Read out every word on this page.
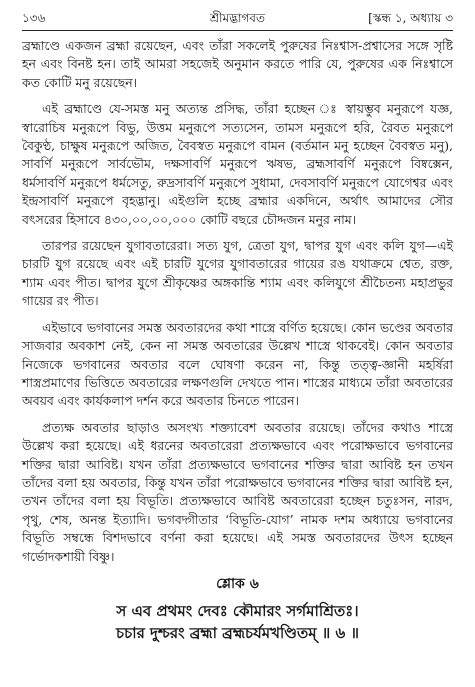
১৩৬	শ্রীমদ্ভাগবত	[স্কন্ধ ১, অধ্যায় ৩

ব্রহ্মাণ্ডে একজন ব্রহ্মা রয়েছেন, এবং তাঁরা সকলেই পুরুষের নিঃশ্বাস-প্রশ্বাসের সঙ্গে সৃষ্টি হন এবং বিনষ্ট হন। তাই আমরা সহজেই অনুমান করতে পারি যে, পুরুষের এক নিঃশ্বাসে কত কোটি মনু রয়েছেন।

এই ব্রহ্মাণ্ডে যে-সমস্ত মনু অত্যন্ত প্রসিদ্ধ, তাঁরা হচ্ছেন ঃ স্বায়ম্ভুব মনুরূপে যজ্ঞ, স্বারোচিষ মনুরূপে বিভু, উত্তম মনুরূপে সত্যসেন, তামস মনুরূপে হরি, রৈবত মনুরূপে বৈকুণ্ঠ, চাক্ষুষ মনুরূপে অজিত, বৈবস্বত মনুরূপে বামন (বর্তমান মনু হচ্ছেন বৈবস্বত মনু), সাবর্ণি মনুরূপে সার্বভৌম, দক্ষসাবর্ণি মনুরূপে ঋষভ, ব্রহ্মসাবর্ণি মনুরূপে বিষ্বক্সেন, ধর্মসাবর্ণি মনুরূপে ধর্মসেতু, রুদ্রসাবর্ণি মনুরূপে সুধামা, দেবসাবর্ণি মনুরূপে যোগেশ্বর এবং ইন্দ্রসাবর্ণি মনুরূপে বৃহদ্ভানু। এইগুলি হচ্ছে ব্রহ্মার একদিনে, অর্থাৎ আমাদের সৌর বৎসরের হিসাবে ৪৩০,০০,০০,০০০ কোটি বছরে চৌদ্দজন মনুর নাম।

তারপর রয়েছেন যুগাবতারেরা। সত্য যুগ, ত্রেতা যুগ, দ্বাপর যুগ এবং কলি যুগ—এই চারটি যুগ রয়েছে এবং এই চারটি যুগের যুগাবতারের গায়ের রঙ যথাক্রমে শ্বেত, রক্ত, শ্যাম এবং পীত। দ্বাপর যুগে শ্রীকৃষ্ণের অঙ্গকান্তি শ্যাম এবং কলিযুগে শ্রীচৈতন্য মহাপ্রভুর গায়ের রং পীত।

এইভাবে ভগবানের সমস্ত অবতারদের কথা শাস্ত্রে বর্ণিত হয়েছে। কোন ভণ্ডের অবতার সাজবার অবকাশ নেই, কেন না সমস্ত অবতারের উল্লেখ শাস্ত্রে থাকবেই। কোন অবতার নিজেকে ভগবানের অবতার বলে ঘোষণা করেন না, কিন্তু তত্ত্ব-জ্ঞানী মহর্ষিরা শাস্ত্রপ্রমাণের ভিত্তিতে অবতারের লক্ষণগুলি দেখতে পান। শাস্ত্রের মাধ্যমে তাঁরা অবতারের অবয়ব এবং কার্যকলাপ দর্শন করে অবতার চিনতে পারেন।

প্রত্যক্ষ অবতার ছাড়াও অসংখ্য শক্ত্যাবেশ অবতার রয়েছে। তাঁদের কথাও শাস্ত্রে উল্লেখ করা হয়েছে। এই ধরনের অবতারেরা প্রত্যক্ষভাবে এবং পরোক্ষভাবে ভগবানের শক্তির দ্বারা আবিষ্ট। যখন তাঁরা প্রত্যক্ষভাবে ভগবানের শক্তির দ্বারা আবিষ্ট হন তখন তাঁদের বলা হয় অবতার, কিন্তু যখন তাঁরা পরোক্ষভাবে ভগবানের শক্তির দ্বারা আবিষ্ট হন, তখন তাঁদের বলা হয় বিভূতি। প্রত্যক্ষভাবে আবিষ্ট অবতারেরা হচ্ছেন চতুঃসন, নারদ, পৃথু, শেষ, অনন্ত ইত্যাদি। ভগবদ্গীতার ‘বিভূতি-যোগ’ নামক দশম অধ্যায়ে ভগবানের বিভূতি সম্বন্ধে বিশদভাবে বর্ণনা করা হয়েছে। এই সমস্ত অবতারদের উৎস হচ্ছেন গর্ভোদকশায়ী বিষ্ণু।

শ্লোক ৬

স এব প্রথমং দেবঃ কৌমারং সর্গমাশ্রিতঃ।

চচার দুশ্চরং ব্রহ্মা ব্রহ্মচর্যমখণ্ডিতম্ ॥ ৬ ॥
